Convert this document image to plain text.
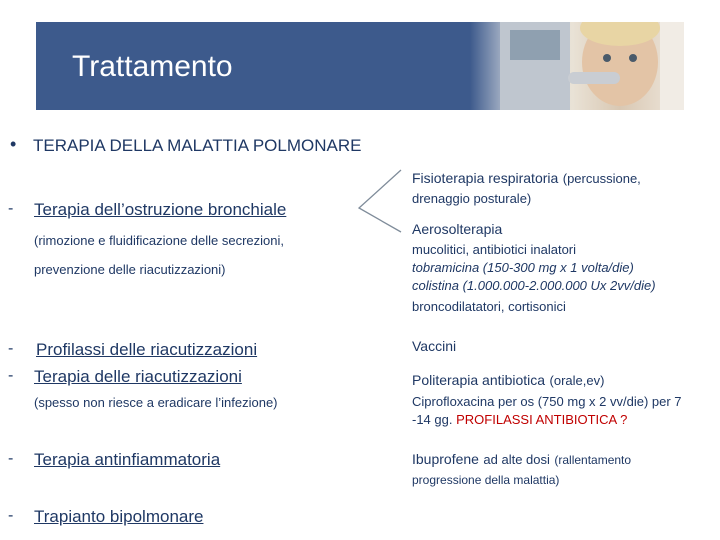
Trattamento
• TERAPIA DELLA MALATTIA POLMONARE
- Terapia dell’ostruzione bronchiale
(rimozione e fluidificazione delle secrezioni,
prevenzione delle riacutizzazioni)
- Profilassi delle riacutizzazioni
- Terapia delle riacutizzazioni
(spesso non riesce a eradicare l’infezione)
- Terapia antinfiammatoria
- Trapianto bipolmonare
Fisioterapia respiratoria (percussione,
drenaggio posturale)
Aerosolterapia
mucolitici, antibiotici inalatori
tobramicina (150-300 mg x 1 volta/die)
colistina (1.000.000-2.000.000 Ux 2vv/die)
broncodilatatori, cortisonici
Vaccini
Politerapia antibiotica (orale,ev)
Ciprofloxacina per os (750 mg x 2 vv/die) per 7
-14 gg. PROFILASSI ANTIBIOTICA ?
Ibuprofene ad alte dosi (rallentamento
progressione della malattia)
